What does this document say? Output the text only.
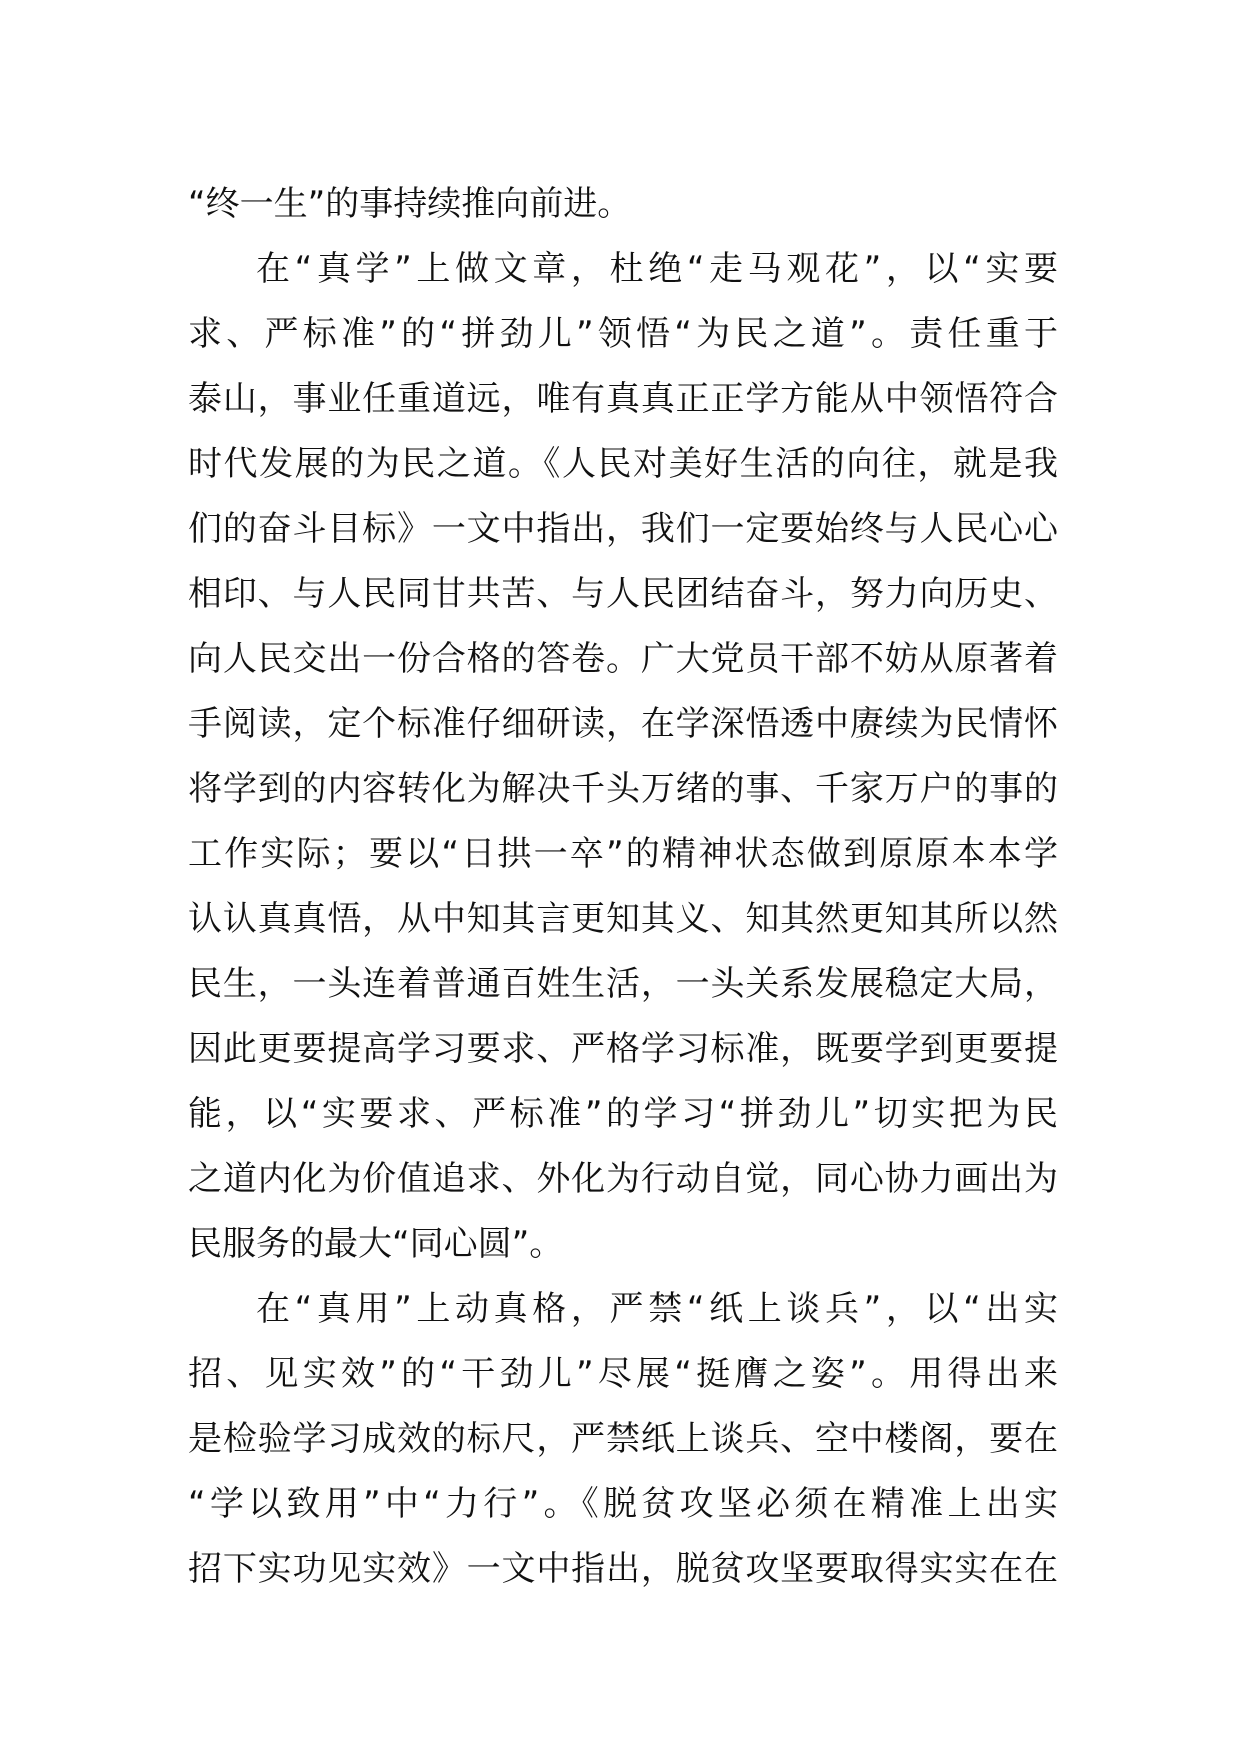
“终一生”的事持续推向前进。
在“真学”上做文章，杜绝“走马观花”，以“实要
求、严标准”的“拼劲儿”领悟“为民之道”。责任重于
泰山，事业任重道远，唯有真真正正学方能从中领悟符合
时代发展的为民之道。《人民对美好生活的向往，就是我
们的奋斗目标》一文中指出，我们一定要始终与人民心心
相印、与人民同甘共苦、与人民团结奋斗，努力向历史、
向人民交出一份合格的答卷。广大党员干部不妨从原著着
手阅读，定个标准仔细研读，在学深悟透中赓续为民情怀
将学到的内容转化为解决千头万绪的事、千家万户的事的
工作实际；要以“日拱一卒”的精神状态做到原原本本学
认认真真悟，从中知其言更知其义、知其然更知其所以然
民生，一头连着普通百姓生活，一头关系发展稳定大局，
因此更要提高学习要求、严格学习标准，既要学到更要提
能，以“实要求、严标准”的学习“拼劲儿”切实把为民
之道内化为价值追求、外化为行动自觉，同心协力画出为
民服务的最大“同心圆”。
在“真用”上动真格，严禁“纸上谈兵”，以“出实
招、见实效”的“干劲儿”尽展“挺膺之姿”。用得出来
是检验学习成效的标尺，严禁纸上谈兵、空中楼阁，要在
“学以致用”中“力行”。《脱贫攻坚必须在精准上出实
招下实功见实效》一文中指出，脱贫攻坚要取得实实在在
